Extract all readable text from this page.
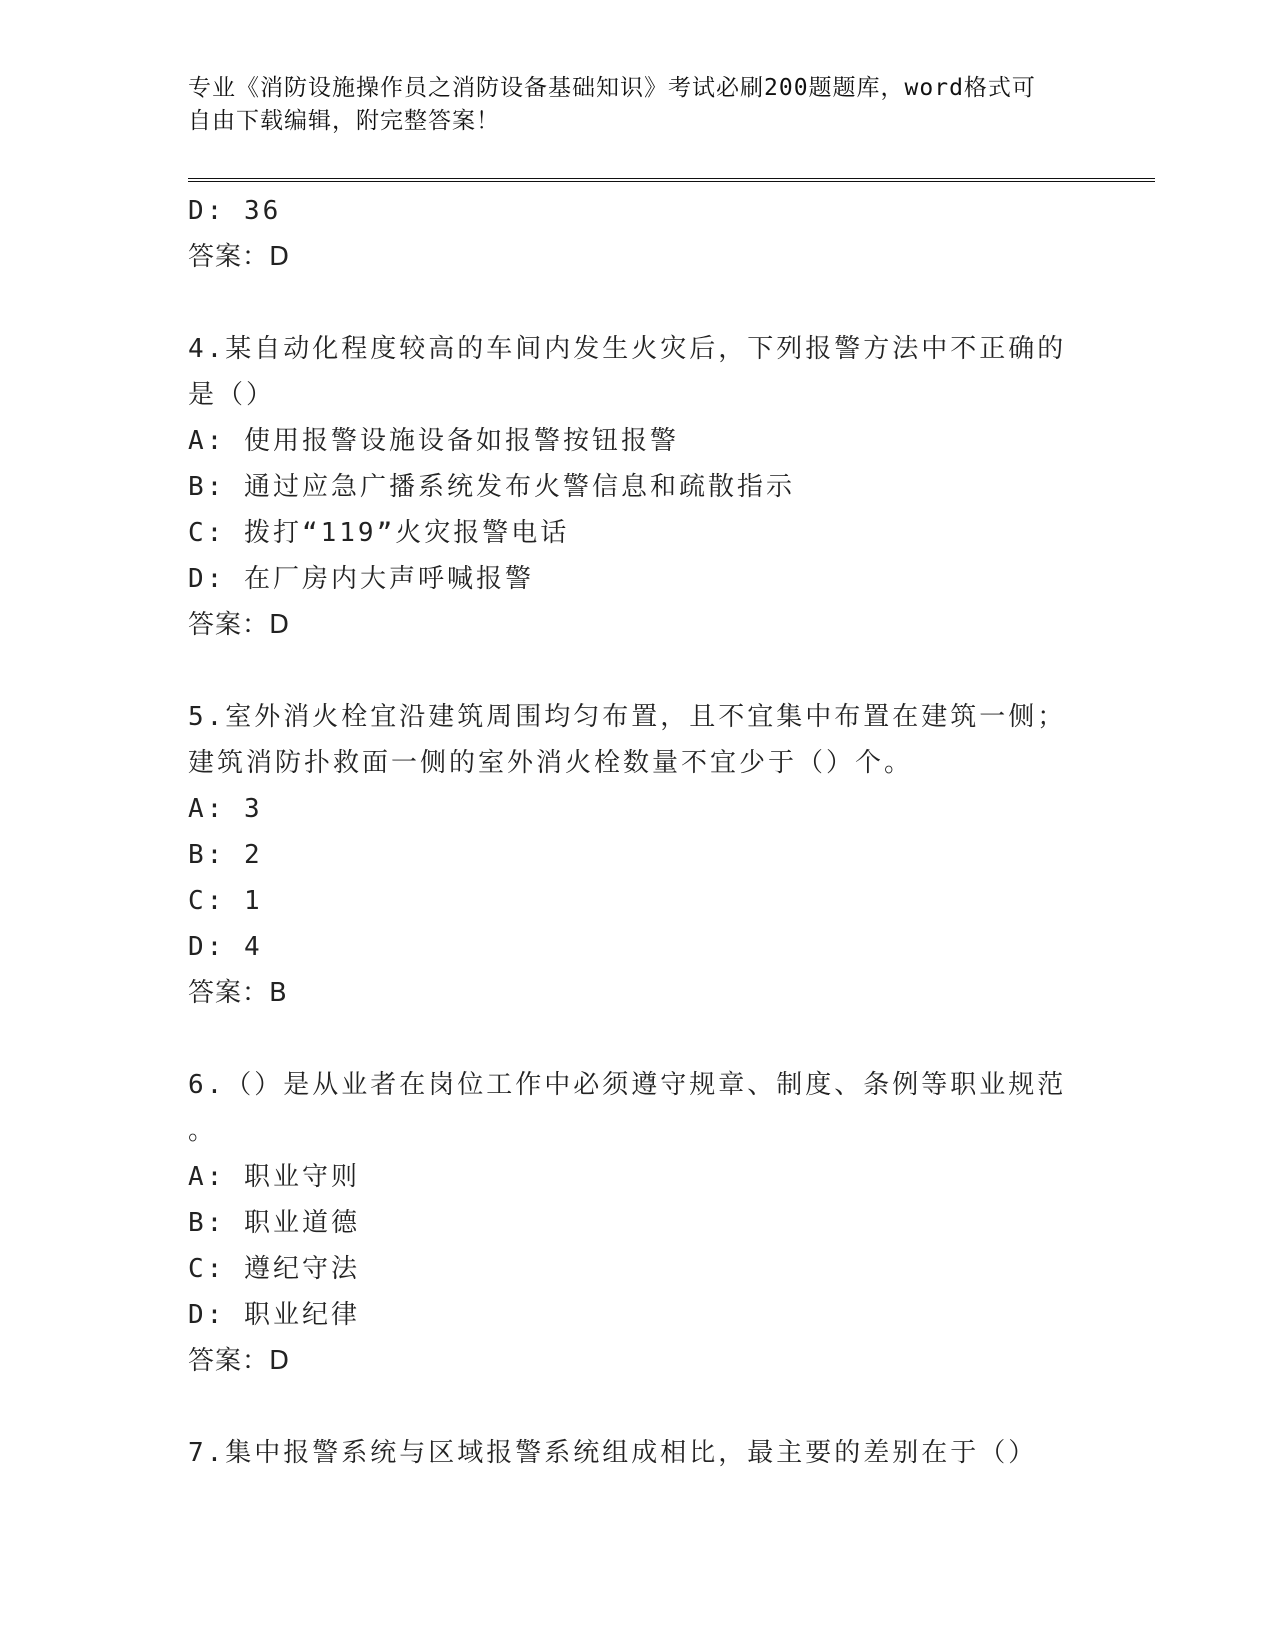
专业《消防设施操作员之消防设备基础知识》考试必刷200题题库，word格式可
自由下载编辑，附完整答案！
D: 36
答案：D
4.某自动化程度较高的车间内发生火灾后，下列报警方法中不正确的
是（）
A: 使用报警设施设备如报警按钮报警
B: 通过应急广播系统发布火警信息和疏散指示
C: 拨打“119”火灾报警电话
D: 在厂房内大声呼喊报警
答案：D
5.室外消火栓宜沿建筑周围均匀布置，且不宜集中布置在建筑一侧；
建筑消防扑救面一侧的室外消火栓数量不宜少于（）个。
A: 3
B: 2
C: 1
D: 4
答案：B
6.（）是从业者在岗位工作中必须遵守规章、制度、条例等职业规范
。
A: 职业守则
B: 职业道德
C: 遵纪守法
D: 职业纪律
答案：D
7.集中报警系统与区域报警系统组成相比，最主要的差别在于（）
